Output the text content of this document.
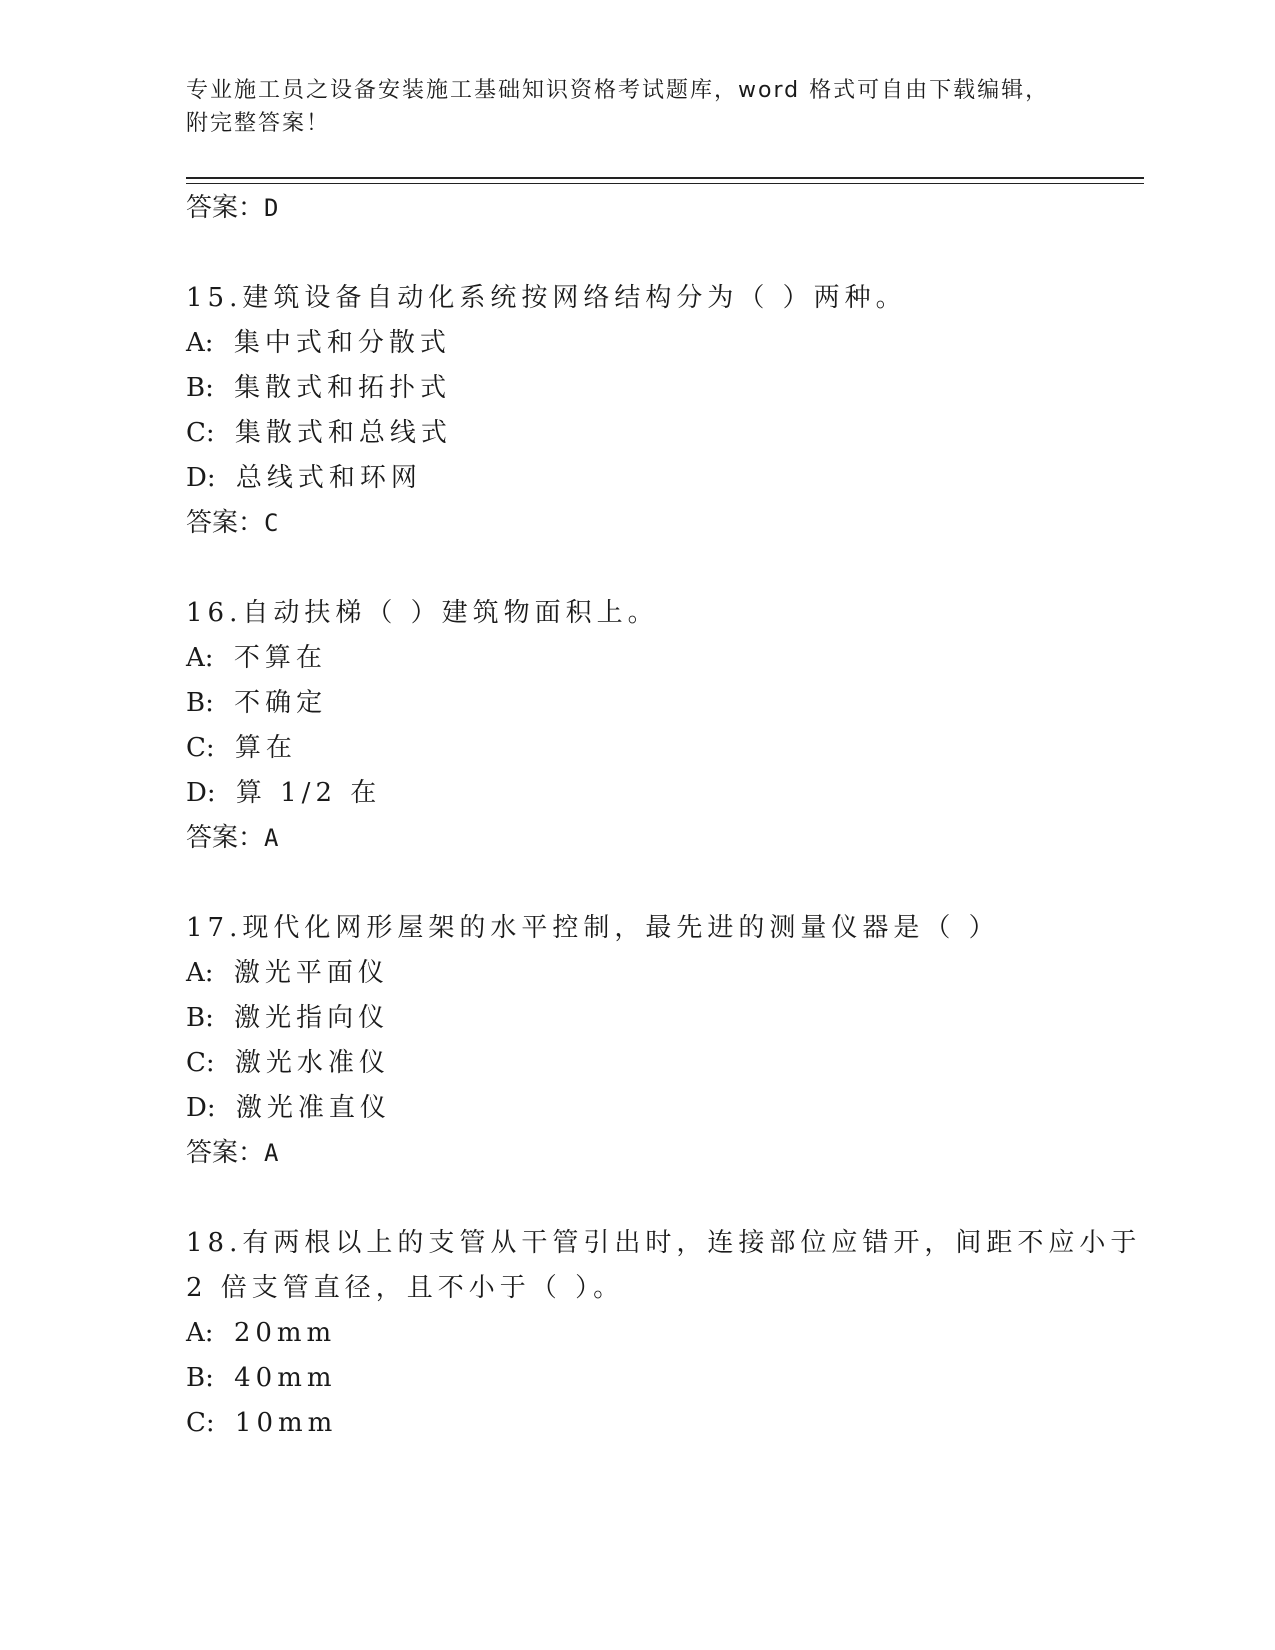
专业施工员之设备安装施工基础知识资格考试题库，word 格式可自由下载编辑，
附完整答案！
答案：D
15.建筑设备自动化系统按网络结构分为（ ）两种。
A: 集中式和分散式
B: 集散式和拓扑式
C: 集散式和总线式
D: 总线式和环网
答案：C
16.自动扶梯（ ）建筑物面积上。
A: 不算在
B: 不确定
C: 算在
D: 算 1/2 在
答案：A
17.现代化网形屋架的水平控制，最先进的测量仪器是（ ）
A: 激光平面仪
B: 激光指向仪
C: 激光水准仪
D: 激光准直仪
答案：A
18.有两根以上的支管从干管引出时，连接部位应错开，间距不应小于
2 倍支管直径，且不小于（ ）。
A: 20mm
B: 40mm
C: 10mm
